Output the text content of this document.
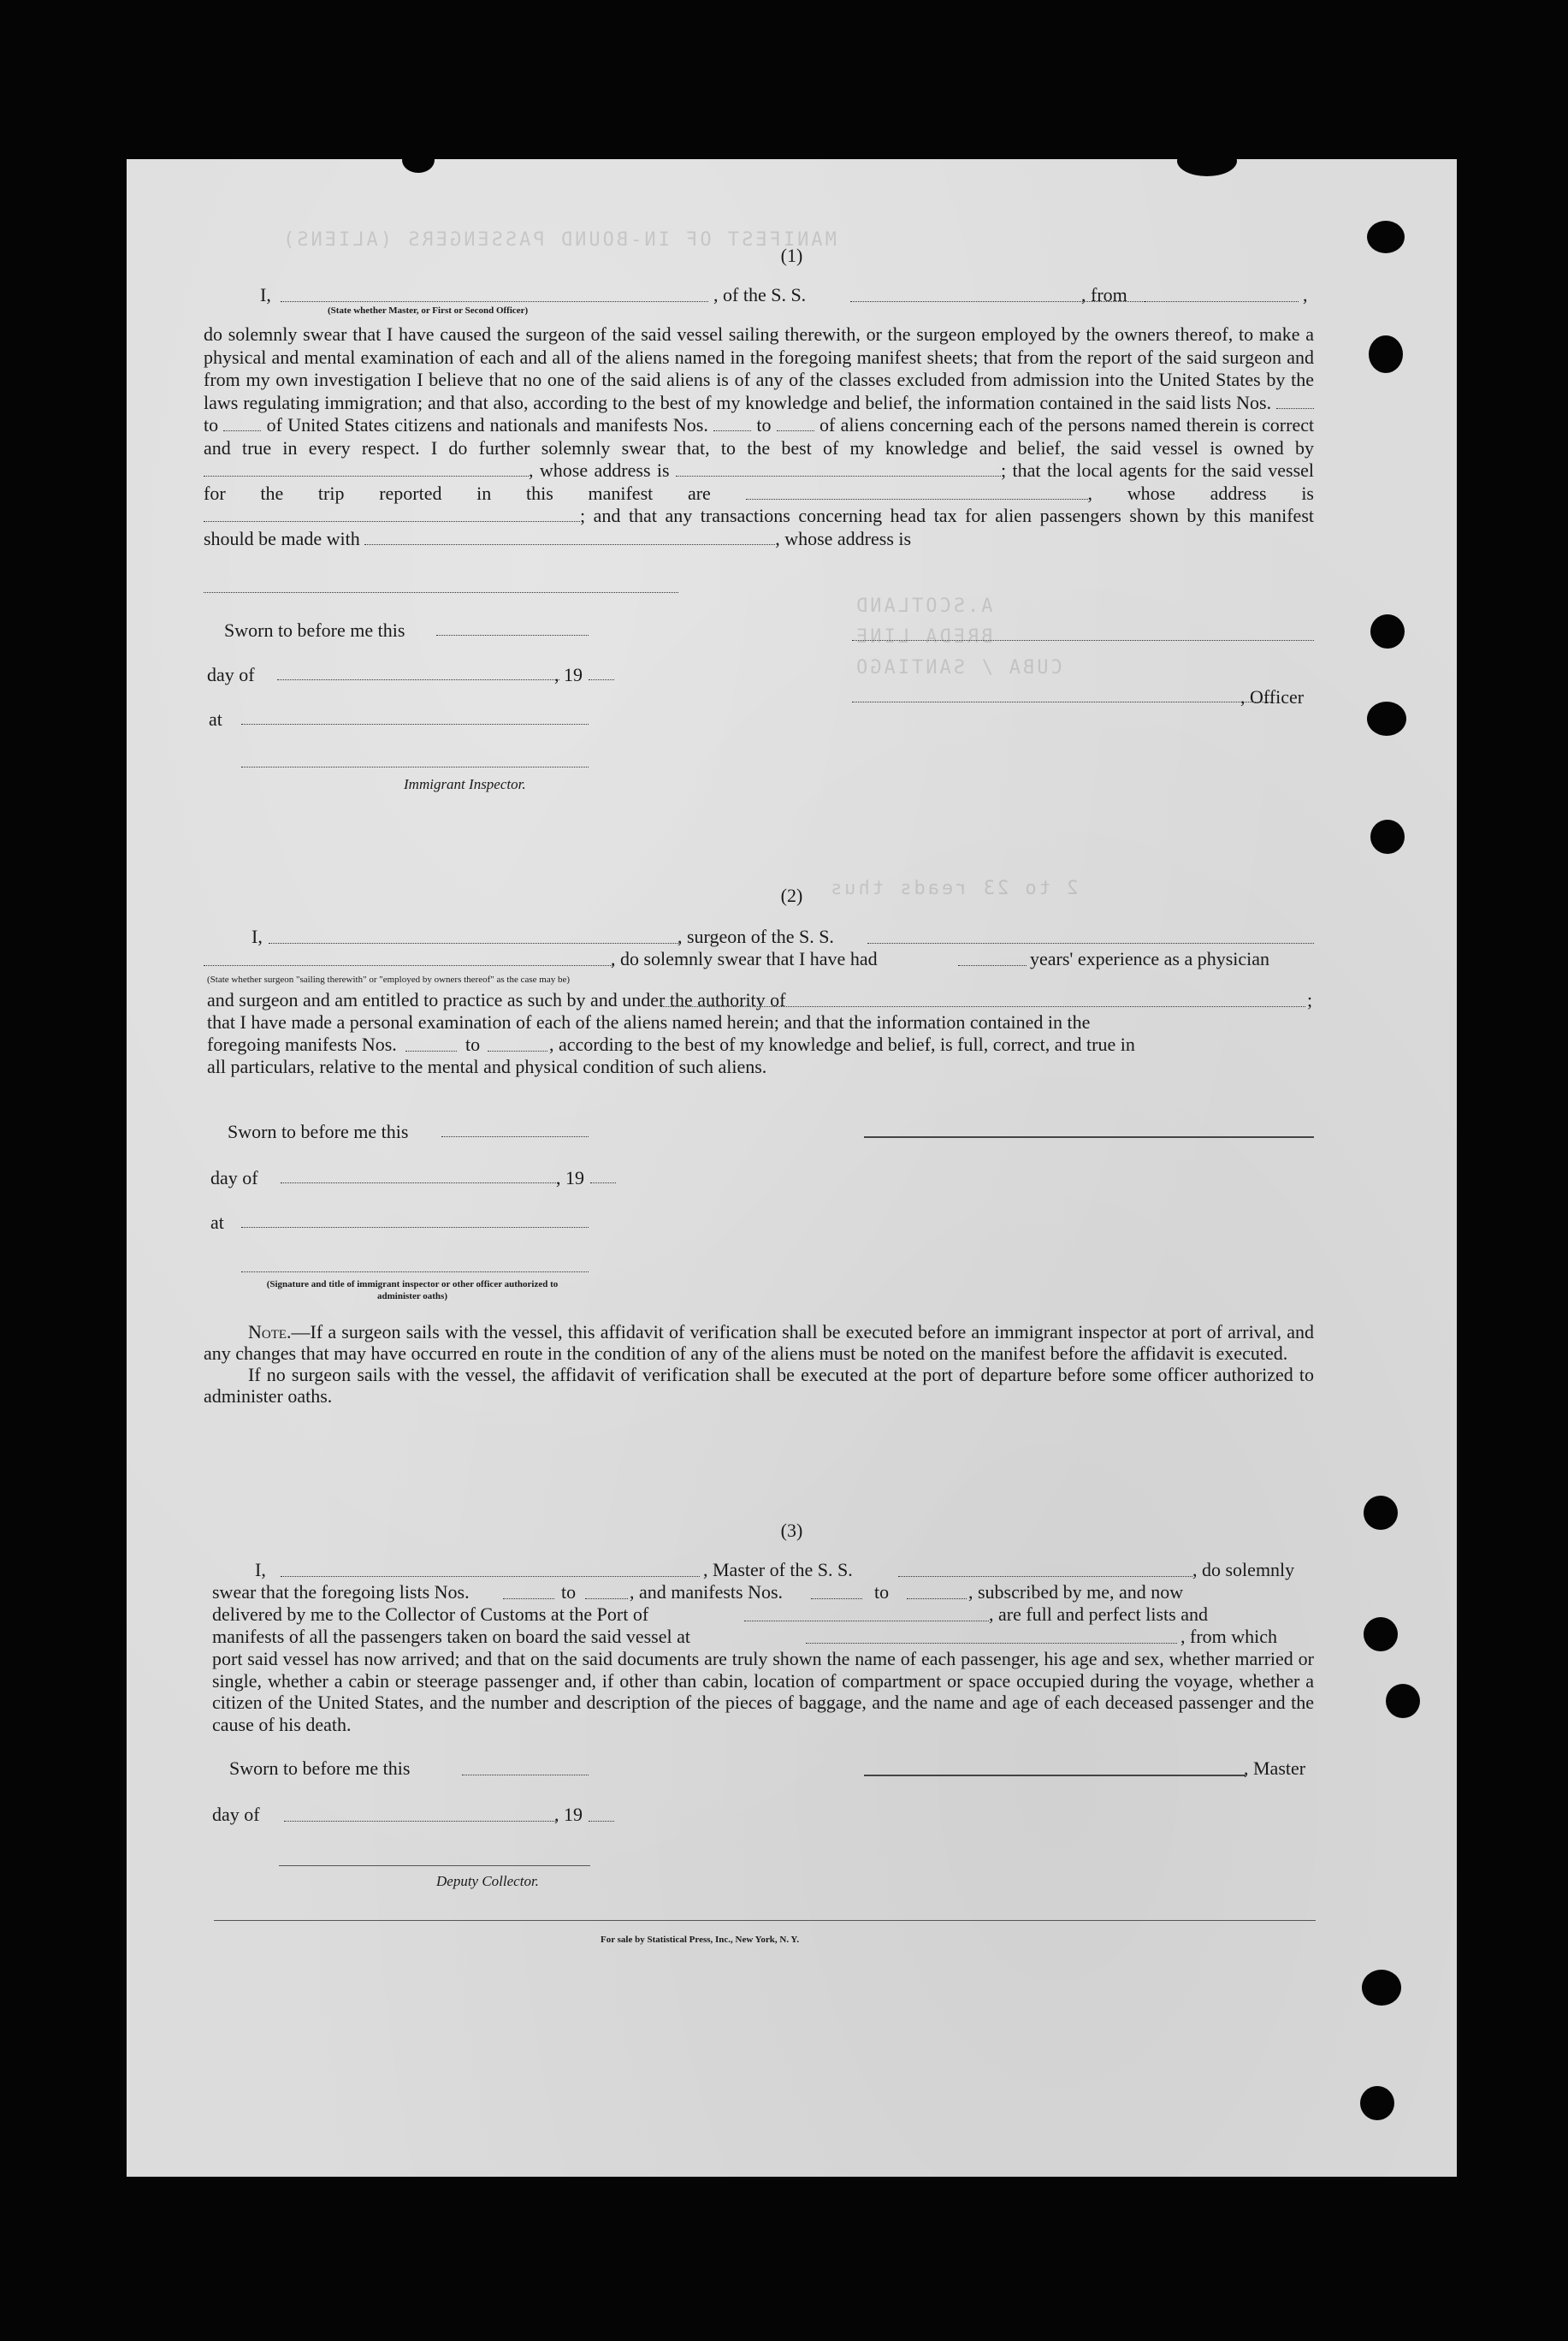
MANIFEST OF IN-BOUND PASSENGERS (ALIENS)
A.SCOTLAND
BREDA LINE
CUBA / SANTIAGO
2 to 23 reads thus
(1)
I,
(State whether Master, or First or Second Officer)
, of the S. S.	, from	,
do solemnly swear that I have caused the surgeon of the said vessel sailing therewith, or the surgeon employed by the owners thereof, to make a physical and mental examination of each and all of the aliens named in the foregoing manifest sheets; that from the report of the said surgeon and from my own investigation I believe that no one of the said aliens is of any of the classes excluded from admission into the United States by the laws regulating immigration; and that also, according to the best of my knowledge and belief, the information contained in the said lists Nos.  to	of United States citizens and nationals and manifests Nos.	to	of aliens concerning each of the persons named therein is correct and true in every respect. I do further solemnly swear that, to the best of my knowledge and belief, the said vessel is owned by , whose address is	; that the local agents for the said vessel for the trip reported in this manifest are	, whose address is ; and that any transactions concerning head tax for alien passengers shown by this manifest should be made with	, whose address is
Sworn to before me this
day of	, 19
at
Immigrant Inspector.
, Officer
(2)
I,	, surgeon of the S. S.
, do solemnly swear that I have had	years' experience as a physician
(State whether surgeon "sailing therewith" or "employed by owners thereof" as the case may be)
and surgeon and am entitled to practice as such by and under the authority of	;
that I have made a personal examination of each of the aliens named herein; and that the information contained in the
foregoing manifests Nos.	to	, according to the best of my knowledge and belief, is full, correct, and true in
all particulars, relative to the mental and physical condition of such aliens.
Sworn to before me this
day of	, 19
at
(Signature and title of immigrant inspector or other officer authorized to administer oaths)
Note.—If a surgeon sails with the vessel, this affidavit of verification shall be executed before an immigrant inspector at port of arrival, and any changes that may have occurred en route in the condition of any of the aliens must be noted on the manifest before the affidavit is executed.
If no surgeon sails with the vessel, the affidavit of verification shall be executed at the port of departure before some officer authorized to administer oaths.
(3)
I,	, Master of the S. S.	, do solemnly
swear that the foregoing lists Nos.	to	, and manifests Nos.	to	, subscribed by me, and now
delivered by me to the Collector of Customs at the Port of	, are full and perfect lists and
manifests of all the passengers taken on board the said vessel at	, from which
port said vessel has now arrived; and that on the said documents are truly shown the name of each passenger, his age and sex, whether married or single, whether a cabin or steerage passenger and, if other than cabin, location of compartment or space occupied during the voyage, whether a citizen of the United States, and the number and description of the pieces of baggage, and the name and age of each deceased passenger and the cause of his death.
Sworn to before me this	, Master
day of	, 19
Deputy Collector.
For sale by Statistical Press, Inc., New York, N. Y.
